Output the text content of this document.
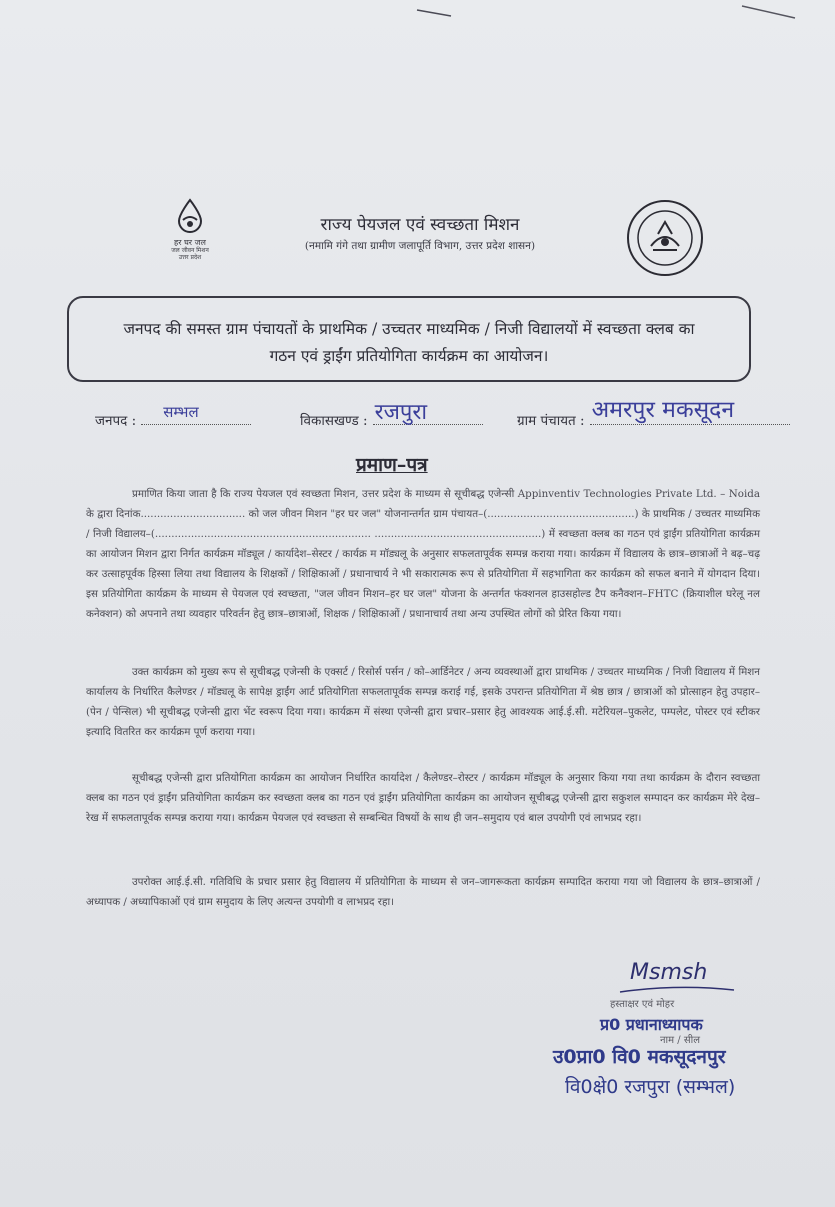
हर घर जल
जल जीवन मिशन
उत्तर प्रदेश
राज्य पेयजल एवं स्वच्छता मिशन
(नमामि गंगे तथा ग्रामीण जलापूर्ति विभाग, उत्तर प्रदेश शासन)

जनपद की समस्त ग्राम पंचायतों के प्राथमिक / उच्चतर माध्यमिक / निजी विद्यालयों में स्वच्छता क्लब का
गठन एवं ड्राईंग प्रतियोगिता कार्यक्रम का आयोजन।

जनपद : सम्भल	विकासखण्ड : रजपुरा	ग्राम पंचायत : अमरपुर मकसूदन
प्रमाण–पत्र
प्रमाणित किया जाता है कि राज्य पेयजल एवं स्वच्छता मिशन, उत्तर प्रदेश के माध्यम से सूचीबद्ध एजेन्सी Appinventiv Technologies Private Ltd. – Noida के द्वारा दिनांक................................ को जल जीवन मिशन "हर घर जल" योजनान्तर्गत ग्राम पंचायत–(.............................................) के प्राथमिक / उच्चतर माध्यमिक / निजी विद्यालय–(.................................................................. ...................................................) में स्वच्छता क्लब का गठन एवं ड्राईंग प्रतियोगिता कार्यक्रम का आयोजन मिशन द्वारा निर्गत कार्यक्रम मॉड्यूल / कार्यादेश–सेस्टर / कार्यक्र म मॉड्यलू के अनुसार सफलतापूर्वक सम्पन्न कराया गया। कार्यक्रम में विद्यालय के छात्र–छात्राओं ने बढ़–चढ़ कर उत्साहपूर्वक हिस्सा लिया तथा विद्यालय के शिक्षकों / शिक्षिकाओं / प्रधानाचार्य ने भी सकारात्मक रूप से प्रतियोगिता में सहभागिता कर कार्यक्रम को सफल बनाने में योगदान दिया। इस प्रतियोगिता कार्यक्रम के माध्यम से पेयजल एवं स्वच्छता, "जल जीवन मिशन–हर घर जल" योजना के अन्तर्गत फंक्शनल हाउसहोल्ड टैप कनैक्शन–FHTC (क्रियाशील घरेलू नल कनेक्शन) को अपनाने तथा व्यवहार परिवर्तन हेतु छात्र–छात्राओं, शिक्षक / शिक्षिकाओं / प्रधानाचार्य तथा अन्य उपस्थित लोगों को प्रेरित किया गया।
उक्त कार्यक्रम को मुख्य रूप से सूचीबद्ध एजेन्सी के एक्सर्ट / रिसोर्स पर्सन / को–आर्डिनेटर / अन्य व्यवस्थाओं द्वारा प्राथमिक / उच्चतर माध्यमिक / निजी विद्यालय में मिशन कार्यालय के निर्धारित कैलेण्डर / मॉड्यलू के सापेक्ष ड्राईंग आर्ट प्रतियोगिता सफलतापूर्वक सम्पन्न कराई गई, इसके उपरान्त प्रतियोगिता में श्रेष्ठ छात्र / छात्राओं को प्रोत्साहन हेतु उपहार–(पेन / पेन्सिल) भी सूचीबद्ध एजेन्सी द्वारा भेंट स्वरूप दिया गया। कार्यक्रम में संस्था एजेन्सी द्वारा प्रचार–प्रसार हेतु आवश्यक आई.ई.सी. मटेरियल–पुकलेट, पम्पलेट, पोस्टर एवं स्टीकर इत्यादि वितरित कर कार्यक्रम पूर्ण कराया गया।
सूचीबद्ध एजेन्सी द्वारा प्रतियोगिता कार्यक्रम का आयोजन निर्धारित कार्यादेश / कैलेण्डर–रोस्टर / कार्यक्रम मॉड्यूल के अनुसार किया गया तथा कार्यक्रम के दौरान स्वच्छता क्लब का गठन एवं ड्राईंग प्रतियोगिता कार्यक्रम कर स्वच्छता क्लब का गठन एवं ड्राईंग प्रतियोगिता कार्यक्रम का आयोजन सूचीबद्ध एजेन्सी द्वारा सकुशल सम्पादन कर कार्यक्रम मेरे देख–रेख में सफलतापूर्वक सम्पन्न कराया गया। कार्यक्रम पेयजल एवं स्वच्छता से सम्बन्धित विषयों के साथ ही जन–समुदाय एवं बाल उपयोगी एवं लाभप्रद रहा।
उपरोक्त आई.ई.सी. गतिविधि के प्रचार प्रसार हेतु विद्यालय में प्रतियोगिता के माध्यम से जन–जागरूकता कार्यक्रम सम्पादित कराया गया जो विद्यालय के छात्र–छात्राओं / अध्यापक / अध्यापिकाओं एवं ग्राम समुदाय के लिए अत्यन्त उपयोगी व लाभप्रद रहा।
Msmsh
हस्ताक्षर एवं मोहर
प्र0 प्रधानाध्यापक
नाम / सील
उ0प्रा0 वि0 मकसूदनपुर
वि0क्षे0 रजपुरा (सम्भल)
